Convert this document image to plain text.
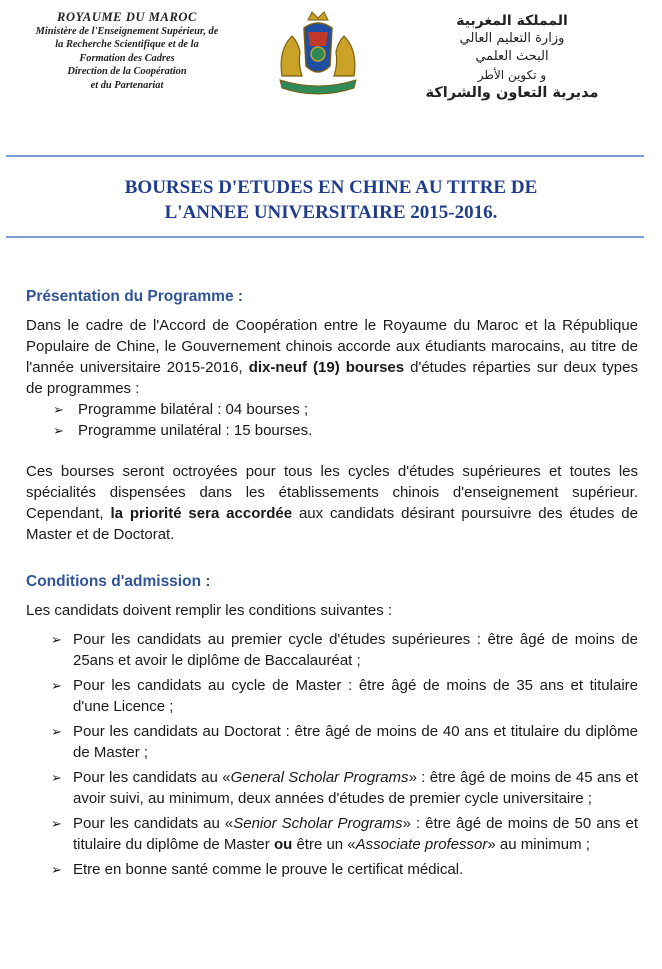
ROYAUME DU MAROC
Ministère de l'Enseignement Supérieur, de
la Recherche Scientifique et de la
Formation des Cadres
Direction de la Coopération
et du Partenariat
المملكة المغربية
وزارة التعليم العالي
البحث العلمي
و تكوين الأطر
مديرية التعاون والشراكة
BOURSES D'ETUDES EN CHINE AU TITRE DE
L'ANNEE UNIVERSITAIRE 2015-2016.
Présentation du Programme :

Dans le cadre de l'Accord de Coopération entre le Royaume du Maroc et la République Populaire de Chine, le Gouvernement chinois accorde aux étudiants marocains, au titre de l'année universitaire 2015-2016, dix-neuf (19) bourses d'études réparties sur deux types de programmes :

➢ Programme bilatéral : 04 bourses ;
➢ Programme unilatéral : 15 bourses.

Ces bourses seront octroyées pour tous les cycles d'études supérieures et toutes les spécialités dispensées dans les établissements chinois d'enseignement supérieur. Cependant, la priorité sera accordée aux candidats désirant poursuivre des études de Master et de Doctorat.

Conditions d'admission :

Les candidats doivent remplir les conditions suivantes :

➢ Pour les candidats au premier cycle d'études supérieures : être âgé de moins de 25ans et avoir le diplôme de Baccalauréat ;
➢ Pour les candidats au cycle de Master : être âgé de moins de 35 ans et titulaire d'une Licence ;
➢ Pour les candidats au Doctorat : être âgé de moins de 40 ans et titulaire du diplôme de Master ;
➢ Pour les candidats au «General Scholar Programs» : être âgé de moins de 45 ans et avoir suivi, au minimum, deux années d'études de premier cycle universitaire ;
➢ Pour les candidats au «Senior Scholar Programs» : être âgé de moins de 50 ans et titulaire du diplôme de Master ou être un «Associate professor» au minimum ;
➢ Etre en bonne santé comme le prouve le certificat médical.
